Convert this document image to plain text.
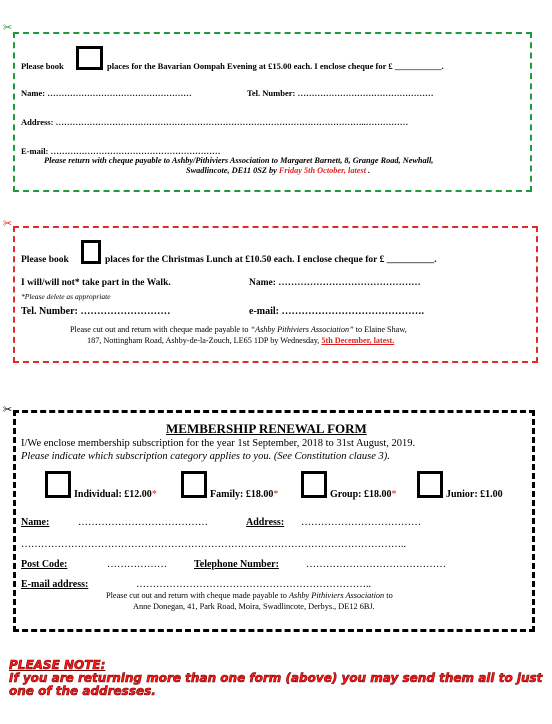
✂
Please book	places for the Bavarian Oompah Evening at £15.00 each. I enclose cheque for £ ___________.
Name: ……………………………………………	Tel. Number: …………………………………………
Address: ………………………………………………………………………………………………..……………
E-mail: ……………………………………………………
Please return with cheque payable to Ashby/Pithiviers Association to Margaret Barnett, 8, Grange Road, Newhall,
Swadlincote, DE11 0SZ by Friday 5th October, latest .
✂
Please book	places for the Christmas Lunch at £10.50 each. I enclose cheque for £ __________.
I will/will not* take part in the Walk.	Name: ………………………………………
*Please delete as appropriate
Tel. Number: ………………………	e-mail: …………………………………….
Please cut out and return with cheque made payable to “Ashby Pithiviers Association” to Elaine Shaw,
187, Nottingham Road, Ashby-de-la-Zouch, LE65 1DP by Wednesday, 5th December, latest.
✂
MEMBERSHIP RENEWAL FORM
I/We enclose membership subscription for the year 1st September, 2018 to 31st August, 2019.
Please indicate which subscription category applies to you. (See Constitution clause 3).
Individual: £12.00*	Family: £18.00*	Group: £18.00*	Junior: £1.00
Name:	…………………………………	Address: ………………………………
……………………………………………………………………………………………………..
Post Code:	………………	Telephone Number:	……………………………………
E-mail address:	……………………………………………………………..
Please cut out and return with cheque made payable to Ashby Pithiviers Association to
Anne Donegan, 41, Park Road, Moira, Swadlincote, Derbys., DE12 6BJ.
PLEASE NOTE:
If you are returning more than one form (above) you may send them all to just
one of the addresses.
